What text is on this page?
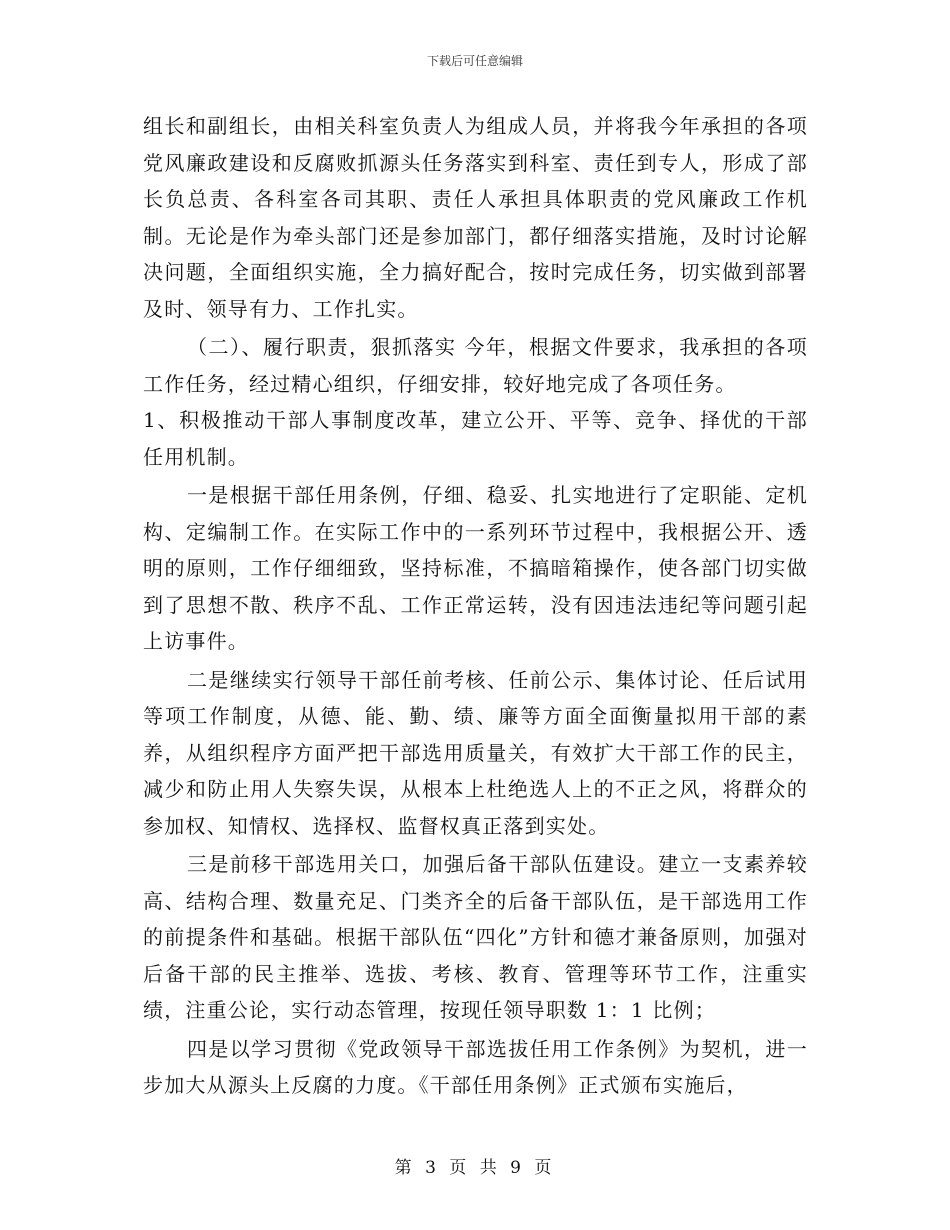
下载后可任意编辑

组长和副组长，由相关科室负责人为组成人员，并将我今年承担的各项党风廉政建设和反腐败抓源头任务落实到科室、责任到专人，形成了部长负总责、各科室各司其职、责任人承担具体职责的党风廉政工作机制。无论是作为牵头部门还是参加部门，都仔细落实措施，及时讨论解决问题，全面组织实施，全力搞好配合，按时完成任务，切实做到部署及时、领导有力、工作扎实。

（二）、履行职责，狠抓落实 今年，根据文件要求，我承担的各项工作任务，经过精心组织，仔细安排，较好地完成了各项任务。

1、积极推动干部人事制度改革，建立公开、平等、竞争、择优的干部任用机制。

一是根据干部任用条例，仔细、稳妥、扎实地进行了定职能、定机构、定编制工作。在实际工作中的一系列环节过程中，我根据公开、透明的原则，工作仔细细致，坚持标准，不搞暗箱操作，使各部门切实做到了思想不散、秩序不乱、工作正常运转，没有因违法违纪等问题引起上访事件。

二是继续实行领导干部任前考核、任前公示、集体讨论、任后试用等项工作制度，从德、能、勤、绩、廉等方面全面衡量拟用干部的素养，从组织程序方面严把干部选用质量关，有效扩大干部工作的民主，减少和防止用人失察失误，从根本上杜绝选人上的不正之风，将群众的参加权、知情权、选择权、监督权真正落到实处。

三是前移干部选用关口，加强后备干部队伍建设。建立一支素养较高、结构合理、数量充足、门类齐全的后备干部队伍，是干部选用工作的前提条件和基础。根据干部队伍“四化”方针和德才兼备原则，加强对后备干部的民主推举、选拔、考核、教育、管理等环节工作，注重实绩，注重公论，实行动态管理，按现任领导职数 1：1 比例；

四是以学习贯彻《党政领导干部选拔任用工作条例》为契机，进一步加大从源头上反腐的力度。《干部任用条例》正式颁布实施后，

第 3 页 共 9 页
